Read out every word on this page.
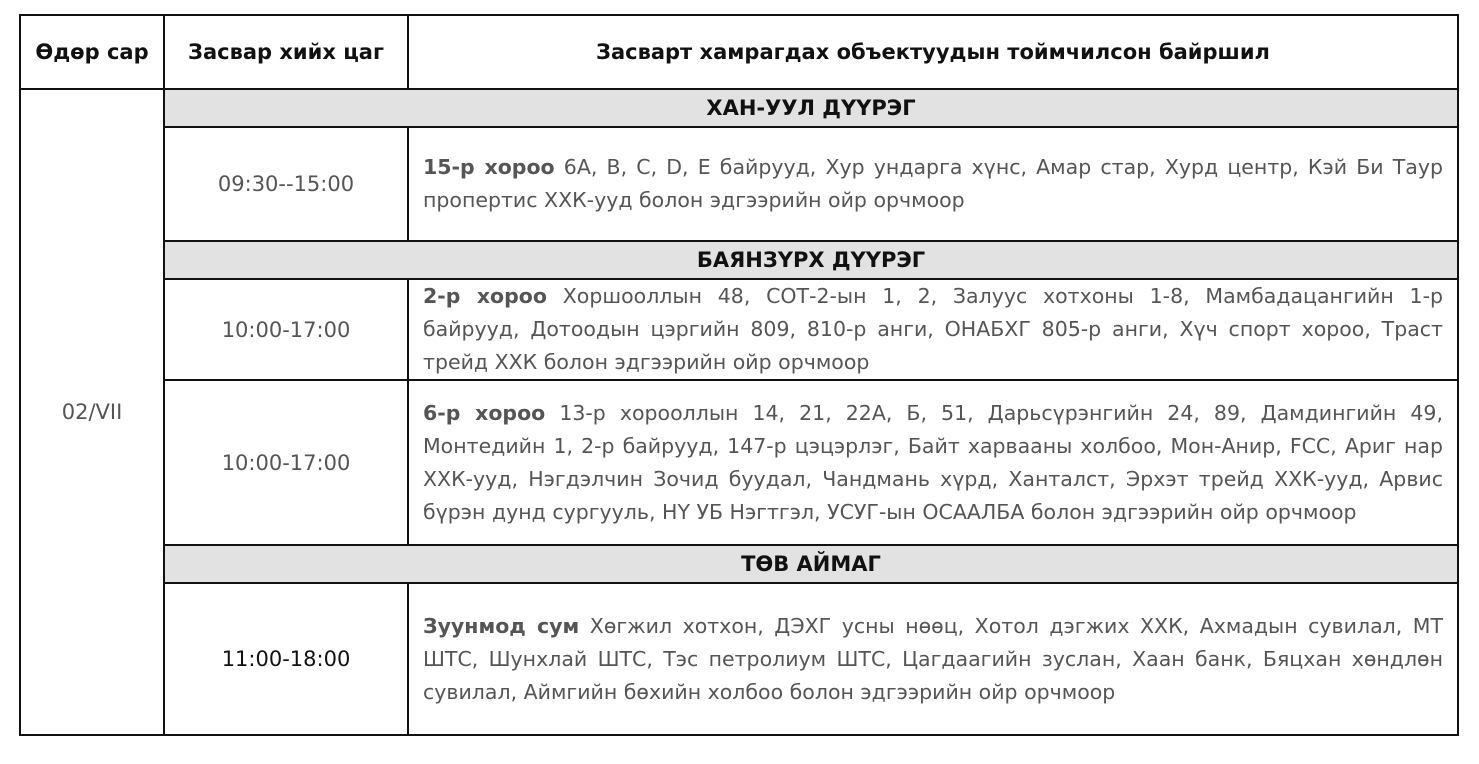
Өдөр сар	Засвар хийх цаг	Засварт хамрагдах объектуудын тоймчилсон байршил
02/VII	ХАН-УУЛ ДҮҮРЭГ	
	09:30--15:00	15-р хороо 6А, В, С, D, Е байрууд, Хур ундарга хүнс, Амар стар, Хурд центр, Кэй Би Таур пропертис ХХК-ууд болон эдгээрийн ойр орчмоор
	БАЯНЗҮРХ ДҮҮРЭГ	
	10:00-17:00	2-р хороо Хоршооллын 48, СОТ-2-ын 1, 2, Залуус хотхоны 1-8, Мамбадацангийн 1-р байрууд, Дотоодын цэргийн 809, 810-р анги, ОНАБХГ 805-р анги, Хүч спорт хороо, Траст трейд ХХК болон эдгээрийн ойр орчмоор
	10:00-17:00	6-р хороо 13-р хорооллын 14, 21, 22А, Б, 51, Дарьсүрэнгийн 24, 89, Дамдингийн 49, Монтедийн 1, 2-р байрууд, 147-р цэцэрлэг, Байт харвааны холбоо, Мон-Анир, FCC, Ариг нар ХХК-ууд, Нэгдэлчин Зочид буудал, Чандмань хүрд, Ханталст, Эрхэт трейд ХХК-ууд, Арвис бүрэн дунд сургууль, НҮ УБ Нэгтгэл, УСУГ-ын ОСААЛБА болон эдгээрийн ойр орчмоор
	ТӨВ АЙМАГ	
	11:00-18:00	Зуунмод сум Хөгжил хотхон, ДЭХГ усны нөөц, Хотол дэгжих ХХК, Ахмадын сувилал, МТ ШТС, Шунхлай ШТС, Тэс петролиум ШТС, Цагдаагийн зуслан, Хаан банк, Бяцхан хөндлөн сувилал, Аймгийн бөхийн холбоо болон эдгээрийн ойр орчмоор
